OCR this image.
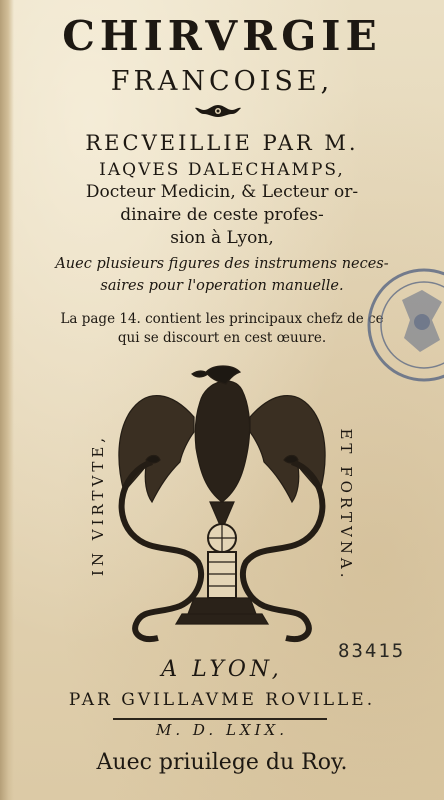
CHIRVRGIE
FRANCOISE,
RECVEILLIE PAR M.
IAQVES DALECHAMPS,
Docteur Medicin, & Lecteur or-
dinaire de ceste profes-
sion à Lyon,
Auec plusieurs figures des instrumens neces-
saires pour l'operation manuelle.
La page 14. contient les principaux chefz de ce
qui se discourt en cest œuure.
IN VIRTVTE,	ET FORTVNA.
83415
A LYON,
PAR GVILLAVME ROVILLE.
M. D. LXIX.
Auec priuilege du Roy.
